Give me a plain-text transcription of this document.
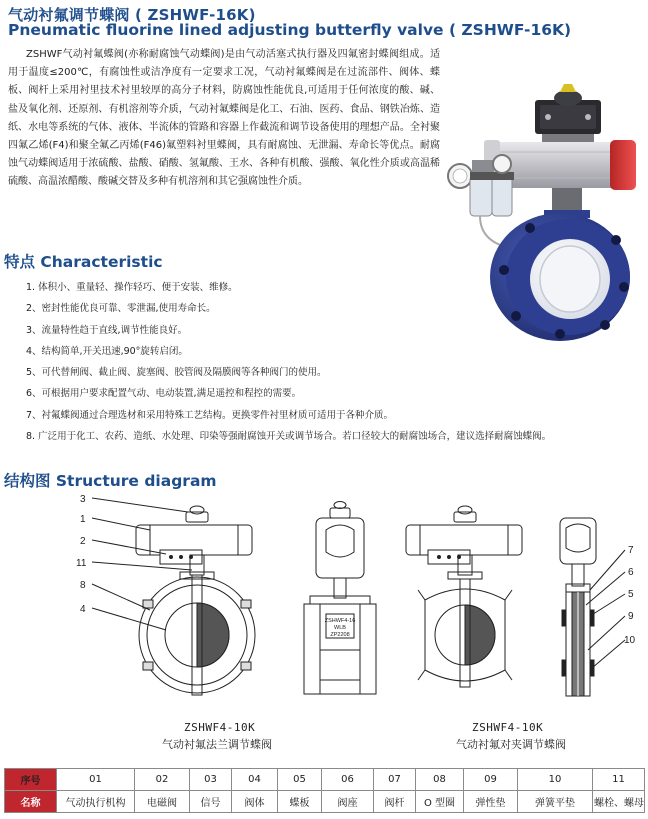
气动衬氟调节蝶阀 ( ZSHWF-16K)
Pneumatic fluorine lined adjusting butterfly valve ( ZSHWF-16K)

ZSHWF气动衬氟蝶阀(亦称耐腐蚀气动蝶阀)是由气动活塞式执行器及四氟密封蝶阀组成。适用于温度≤200℃，有腐蚀性或洁净度有一定要求工况，气动衬氟蝶阀是在过流部件、阀体、蝶板、阀杆上采用衬里技术衬里较厚的高分子材料，防腐蚀性能优良,可适用于任何浓度的酸、碱、盐及氧化剂、还原剂、有机溶剂等介质，气动衬氟蝶阀是化工、石油、医药、食品、钢铁冶炼、造纸、水电等系统的气体、液体、半流体的管路和容器上作截流和调节设备使用的理想产品。全衬聚四氟乙烯(F4)和聚全氟乙丙烯(F46)氟塑料衬里蝶阀，具有耐腐蚀、无泄漏、寿命长等优点。耐腐蚀气动蝶阀适用于浓硫酸、盐酸、硝酸、氢氟酸、王水、各种有机酸、强酸、氧化性介质或高温稀硫酸、高温浓醋酸、酸碱交替及多种有机溶剂和其它强腐蚀性介质。

特点 Characteristic
1. 体积小、重量轻、操作轻巧、便于安装、维修。
2、密封性能优良可靠、零泄漏,使用寿命长。
3、流量特性趋于直线,调节性能良好。
4、结构简单,开关迅速,90°旋转启闭。
5、可代替闸阀、截止阀、旋塞阀、胶管阀及隔膜阀等各种阀门的使用。
6、可根据用户要求配置气动、电动装置,满足遥控和程控的需要。
7、衬氟蝶阀通过合理选材和采用特殊工艺结构。更换零件衬里材质可适用于各种介质。
8. 广泛用于化工、农药、造纸、水处理、印染等强耐腐蚀开关或调节场合。若口径较大的耐腐蚀场合，建议选择耐腐蚀蝶阀。
结构图 Structure diagram
ZSHWF4-16
WLB
ZP2208
3
1
2
11
8
4
7
6
5
9
10
ZSHWF4-10K
气动衬氟法兰调节蝶阀
ZSHWF4-10K
气动衬氟对夹调节蝶阀
序号	01	02	03	04	05	06	07	08	09	10	11
名称	气动执行机构	电磁阀	信号	阀体	蝶板	阀座	阀杆	O 型圈	弹性垫	弹簧平垫	螺栓、螺母
